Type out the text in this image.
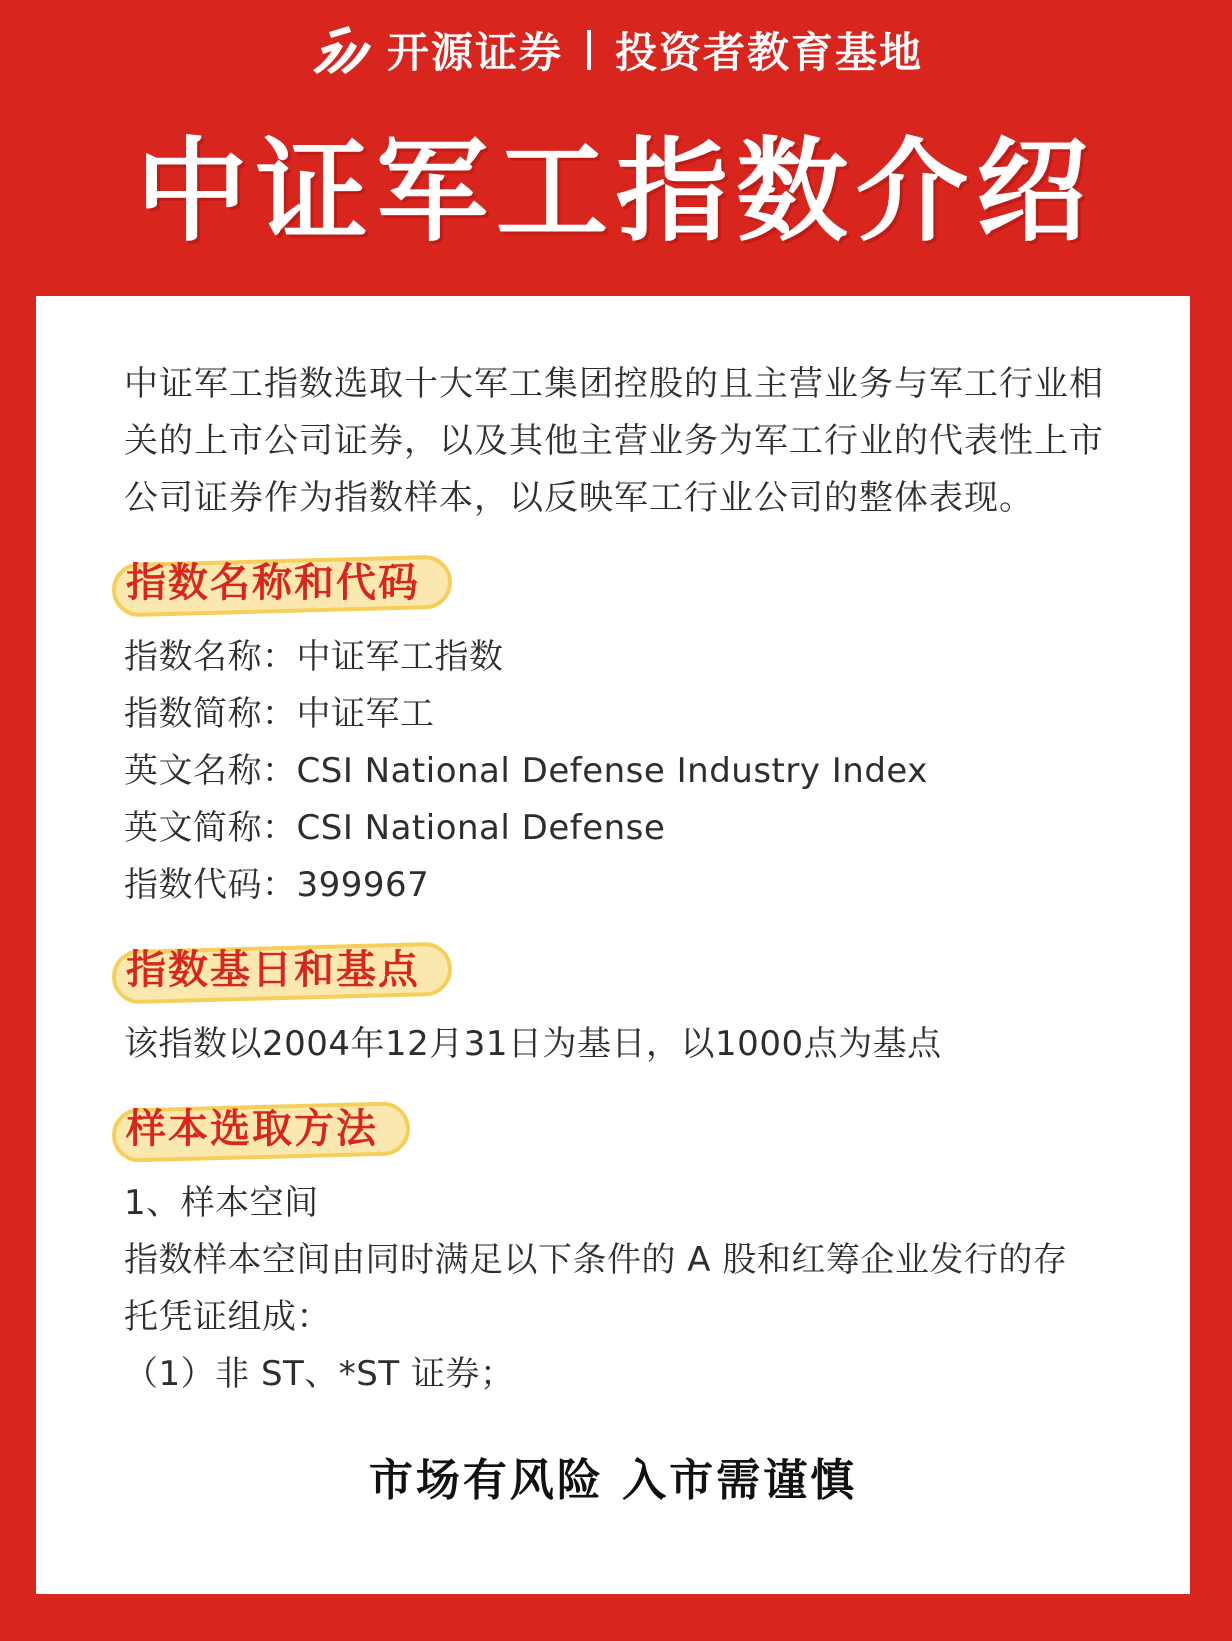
开源证券 投资者教育基地
中证军工指数介绍

中证军工指数选取十大军工集团控股的且主营业务与军工行业相关的上市公司证券，以及其他主营业务为军工行业的代表性上市公司证券作为指数样本，以反映军工行业公司的整体表现。

指数名称和代码

指数名称：中证军工指数

指数简称：中证军工

英文名称：CSI National Defense Industry Index

英文简称：CSI National Defense

指数代码：399967

指数基日和基点

该指数以2004年12月31日为基日，以1000点为基点

样本选取方法

1、样本空间

指数样本空间由同时满足以下条件的 A 股和红筹企业发行的存

托凭证组成：

（1）非 ST、*ST 证券；

市场有风险 入市需谨慎
